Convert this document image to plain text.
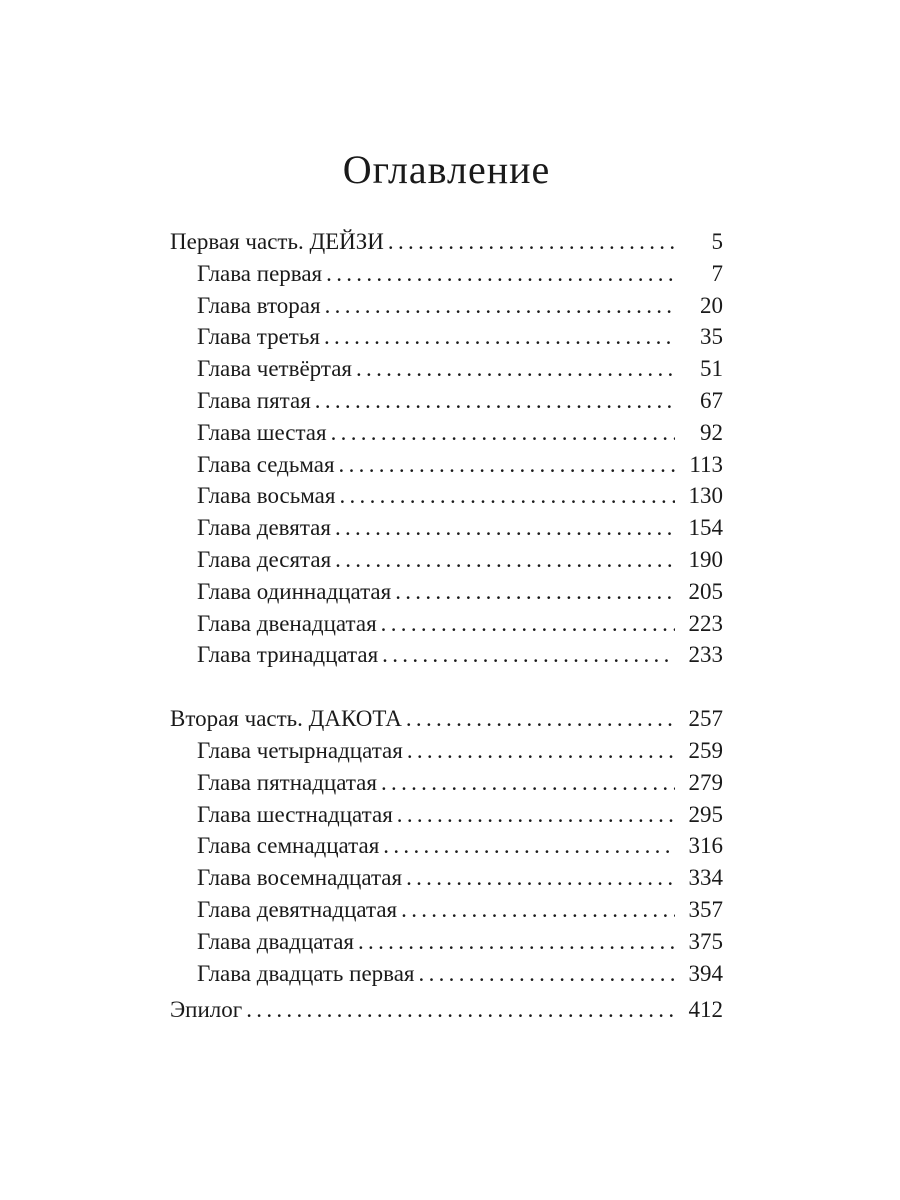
Оглавление
Первая часть. ДЕЙЗИ .....	5
Глава первая .....	7
Глава вторая .....	20
Глава третья .....	35
Глава четвёртая .....	51
Глава пятая .....	67
Глава шестая .....	92
Глава седьмая .....	113
Глава восьмая .....	130
Глава девятая .....	154
Глава десятая .....	190
Глава одиннадцатая .....	205
Глава двенадцатая .....	223
Глава тринадцатая .....	233
Вторая часть. ДАКОТА .....	257
Глава четырнадцатая .....	259
Глава пятнадцатая .....	279
Глава шестнадцатая .....	295
Глава семнадцатая .....	316
Глава восемнадцатая .....	334
Глава девятнадцатая .....	357
Глава двадцатая .....	375
Глава двадцать первая .....	394
Эпилог .....	412
